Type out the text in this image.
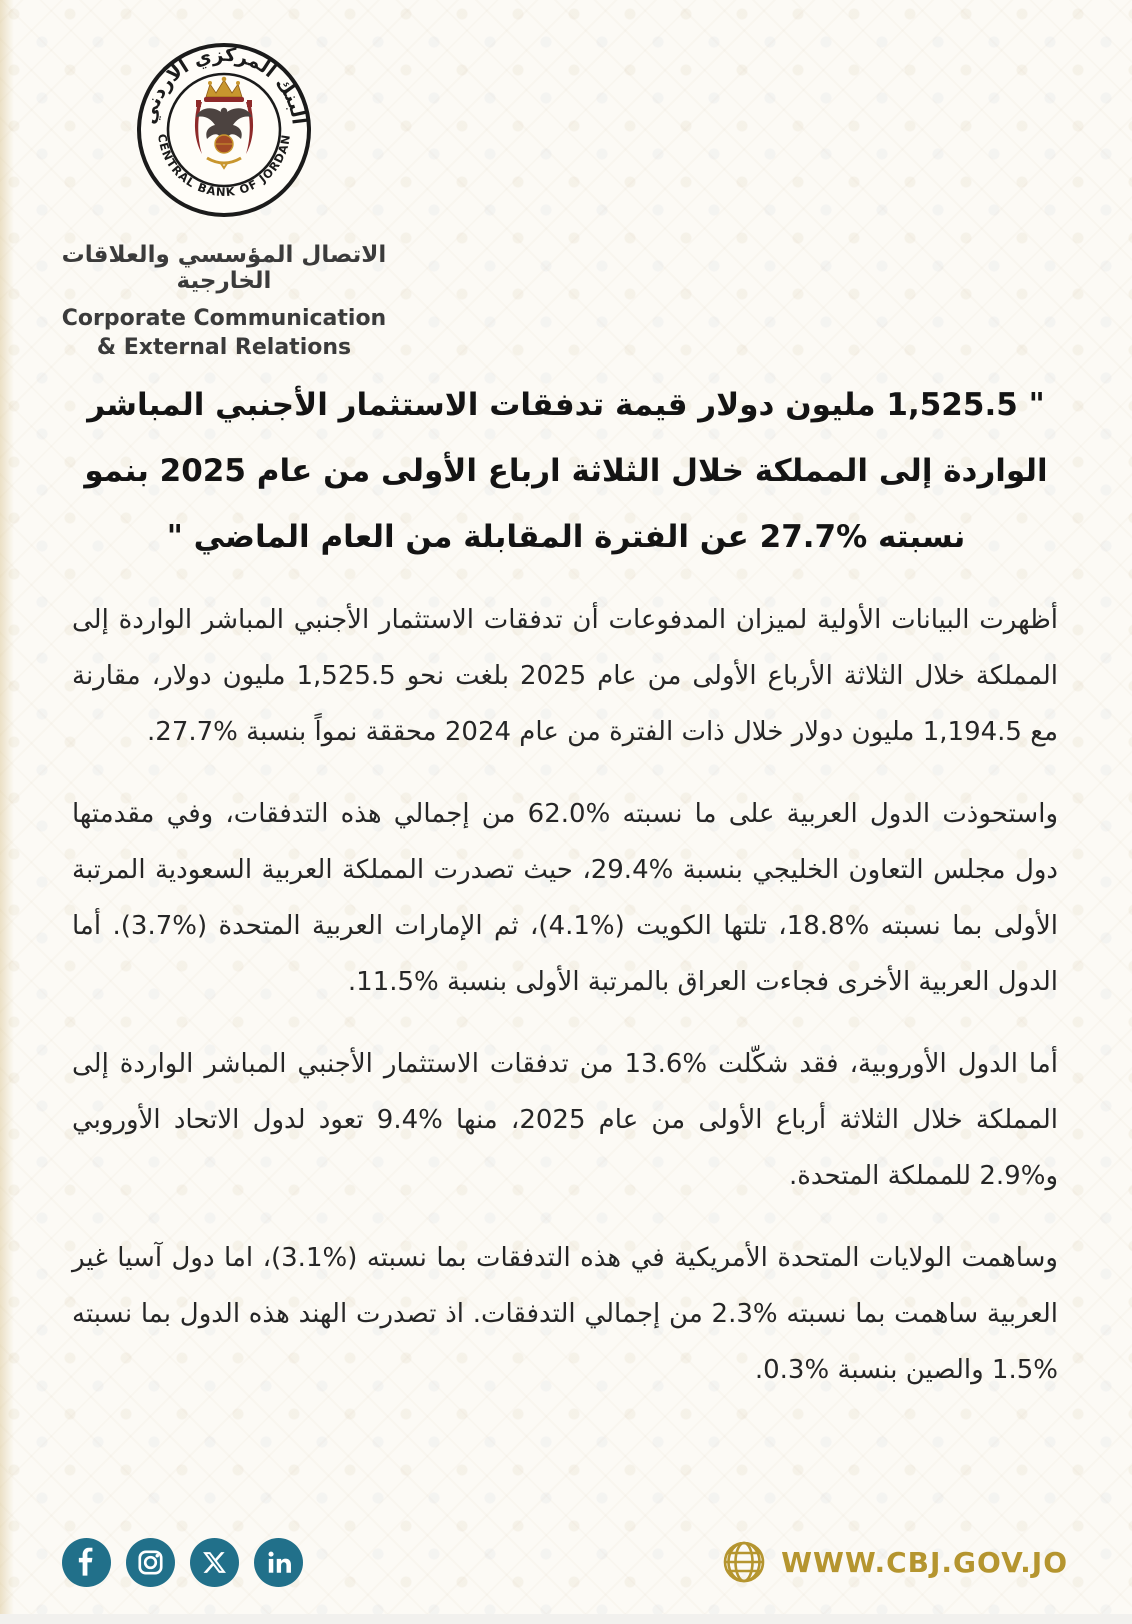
البنك المركزي الأردني
CENTRAL BANK OF JORDAN
الاتصال المؤسسي والعلاقات الخارجية
Corporate Communication
& External Relations
" 1,525.5 مليون دولار قيمة تدفقات الاستثمار الأجنبي المباشر
الواردة إلى المملكة خلال الثلاثة ارباع الأولى من عام 2025 بنمو
نسبته %27.7 عن الفترة المقابلة من العام الماضي "

أظهرت البيانات الأولية لميزان المدفوعات أن تدفقات الاستثمار الأجنبي المباشر الواردة إلى المملكة خلال الثلاثة الأرباع الأولى من عام 2025 بلغت نحو 1,525.5 مليون دولار، مقارنة مع 1,194.5 مليون دولار خلال ذات الفترة من عام 2024 محققة نمواً بنسبة %27.7.

واستحوذت الدول العربية على ما نسبته %62.0 من إجمالي هذه التدفقات، وفي مقدمتها دول مجلس التعاون الخليجي بنسبة %29.4، حيث تصدرت المملكة العربية السعودية المرتبة الأولى بما نسبته %18.8، تلتها الكويت (%4.1)، ثم الإمارات العربية المتحدة (%3.7). أما الدول العربية الأخرى فجاءت العراق بالمرتبة الأولى بنسبة %11.5.

أما الدول الأوروبية، فقد شكّلت %13.6 من تدفقات الاستثمار الأجنبي المباشر الواردة إلى المملكة خلال الثلاثة أرباع الأولى من عام 2025، منها %9.4 تعود لدول الاتحاد الأوروبي و%2.9 للمملكة المتحدة.

وساهمت الولايات المتحدة الأمريكية في هذه التدفقات بما نسبته (%3.1)، اما دول آسيا غير العربية ساهمت بما نسبته %2.3 من إجمالي التدفقات. اذ تصدرت الهند هذه الدول بما نسبته %1.5 والصين بنسبة %0.3.

WWW.CBJ.GOV.JO
